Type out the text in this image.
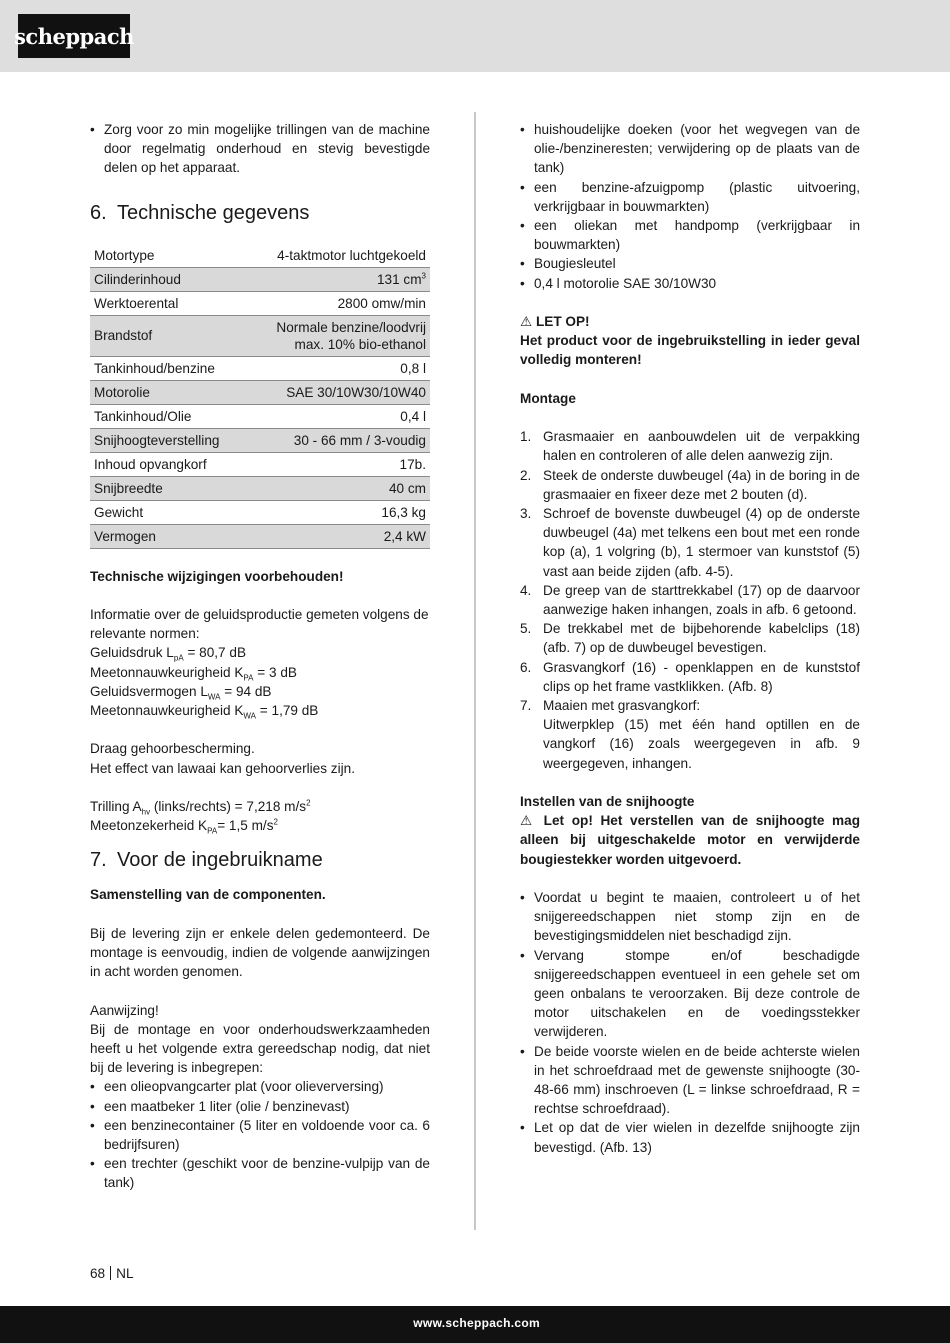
scheppach

• Zorg voor zo min mogelijke trillingen van de machine door regelmatig onderhoud en stevig bevestigde delen op het apparaat.

6. Technische gegevens
Motortype	4-taktmotor luchtgekoeld
Cilinderinhoud	131 $cm^3$
Werktoerental	2800 omw/min
Brandstof	Normale benzine/loodvrij
max. 10% bio-ethanol
Tankinhoud/benzine	0,8 l
Motorolie	SAE 30/10W30/10W40
Tankinhoud/Olie	0,4 l
Snijhoogteverstelling	30 - 66 mm / 3-voudig
Inhoud opvangkorf	17b.
Snijbreedte	40 cm
Gewicht	16,3 kg
Vermogen	2,4 kW

Technische wijzigingen voorbehouden!

Informatie over de geluidsproductie gemeten volgens de relevante normen:

Geluidsdruk $L_{pA} = 80,7$ dB

Meetonnauwkeurigheid $K_{PA} = 3$ dB

Geluidsvermogen $L_{WA} = 94$ dB

Meetonnauwkeurigheid $K_{WA} = 1,79$ dB

Draag gehoorbescherming.

Het effect van lawaai kan gehoorverlies zijn.

Trilling $A_{hv}$ (links/rechts) = 7,218 $m/s^2$

Meetonzekerheid $K_{PA}= 1,5$ $m/s^2$

7. Voor de ingebruikname

Samenstelling van de componenten.

Bij de levering zijn er enkele delen gedemonteerd. De montage is eenvoudig, indien de volgende aanwijzingen in acht worden genomen.

Aanwijzing!

Bij de montage en voor onderhoudswerkzaamheden heeft u het volgende extra gereedschap nodig, dat niet bij de levering is inbegrepen:

• een olieopvangcarter plat (voor olieverversing)

• een maatbeker 1 liter (olie / benzinevast)

• een benzinecontainer (5 liter en voldoende voor ca. 6 bedrijfsuren)

• een trechter (geschikt voor de benzine-vulpijp van de tank)

• huishoudelijke doeken (voor het wegvegen van de olie-/benzineresten; verwijdering op de plaats van de tank)

• een benzine-afzuigpomp (plastic uitvoering, verkrijgbaar in bouwmarkten)

• een oliekan met handpomp (verkrijgbaar in bouwmarkten)

• Bougiesleutel

• 0,4 l motorolie SAE 30/10W30

⚠ LET OP!

Het product voor de ingebruikstelling in ieder geval volledig monteren!

Montage

1. Grasmaaier en aanbouwdelen uit de verpakking halen en controleren of alle delen aanwezig zijn.

2. Steek de onderste duwbeugel (4a) in de boring in de grasmaaier en fixeer deze met 2 bouten (d).

3. Schroef de bovenste duwbeugel (4) op de onderste duwbeugel (4a) met telkens een bout met een ronde kop (a), 1 volgring (b), 1 stermoer van kunststof (5) vast aan beide zijden (afb. 4-5).

4. De greep van de starttrekkabel (17) op de daarvoor aanwezige haken inhangen, zoals in afb. 6 getoond.

5. De trekkabel met de bijbehorende kabelclips (18) (afb. 7) op de duwbeugel bevestigen.

6. Grasvangkorf (16) - openklappen en de kunststof clips op het frame vastklikken. (Afb. 8)

7. Maaien met grasvangkorf:

Uitwerpklep (15) met één hand optillen en de vangkorf (16) zoals weergegeven in afb. 9 weergegeven, inhangen.

Instellen van de snijhoogte

⚠ Let op! Het verstellen van de snijhoogte mag alleen bij uitgeschakelde motor en verwijderde bougiestekker worden uitgevoerd.

• Voordat u begint te maaien, controleert u of het snijgereedschappen niet stomp zijn en de bevestigingsmiddelen niet beschadigd zijn.

• Vervang stompe en/of beschadigde snijgereedschappen eventueel in een gehele set om geen onbalans te veroorzaken. Bij deze controle de motor uitschakelen en de voedingsstekker verwijderen.

• De beide voorste wielen en de beide achterste wielen in het schroefdraad met de gewenste snijhoogte (30-48-66 mm) inschroeven (L = linkse schroefdraad, R = rechtse schroefdraad).

• Let op dat de vier wielen in dezelfde snijhoogte zijn bevestigd. (Afb. 13)

68 NL
www.scheppach.com
